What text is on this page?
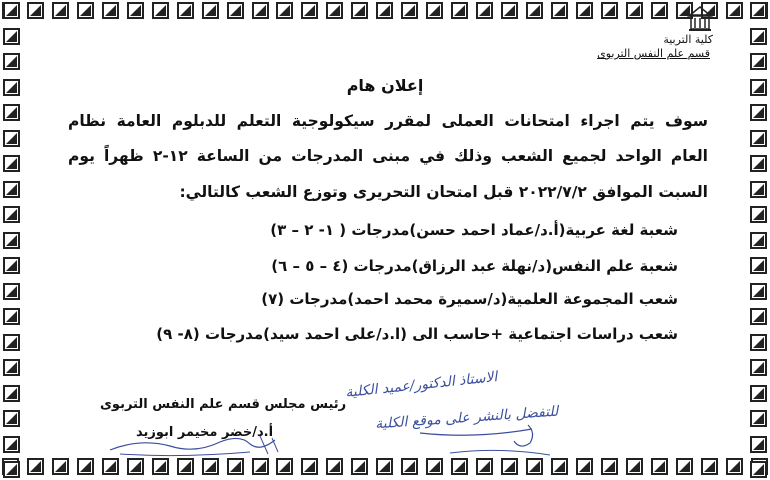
كلية التربية
قسم علم النفس التربوى
إعلان هام
سوف يتم اجراء امتحانات العملى لمقرر سيكولوجية التعلم للدبلوم العامة نظام
العام الواحد لجميع الشعب وذلك في مبنى المدرجات من الساعة ١٢-٢ ظهراً يوم
السبت الموافق ٢٠٢٢/٧/٢ قبل امتحان التحريرى وتوزع الشعب كالتالي:
شعبة لغة عربية(أ.د/عماد احمد حسن)مدرجات ( ١- ٢ – ٣)
شعبة علم النفس(د/نهلة عبد الرزاق)مدرجات (٤ – ٥ – ٦)
شعب المجموعة العلمية(د/سميرة محمد احمد)مدرجات (٧)
شعب دراسات اجتماعية +حاسب الى (ا.د/على احمد سيد)مدرجات (٨- ٩)
الاستاذ الدكتور/عميد الكلية
للتفضل بالنشر على موقع الكلية
رئيس مجلس قسم علم النفس التربوى
أ.د/خضر مخيمر ابوزيد
